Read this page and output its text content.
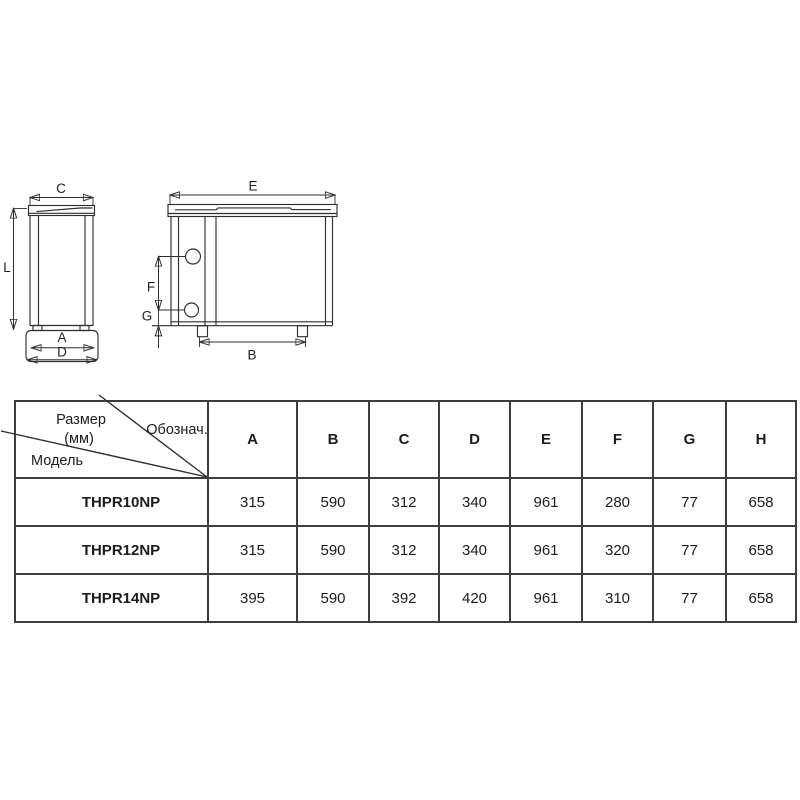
C
A
D
L
E
F
G
B
Размер
(мм)
Обознач.
Модель	A	B	C	D	E	F	G	H
THPR10NP	315	590	312	340	961	280	77	658
THPR12NP	315	590	312	340	961	320	77	658
THPR14NP	395	590	392	420	961	310	77	658
